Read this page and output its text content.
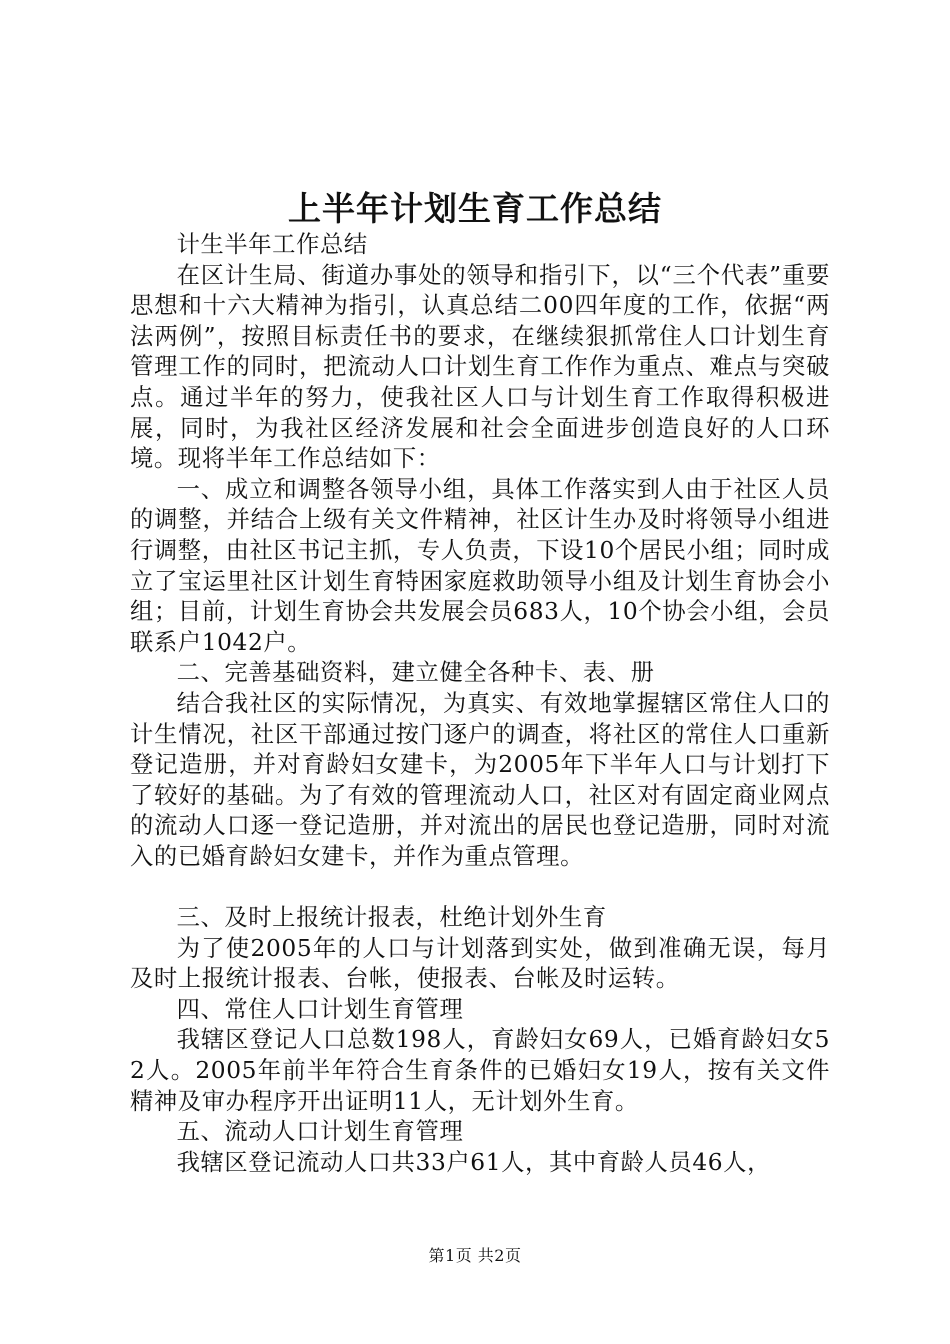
上半年计划生育工作总结

计生半年工作总结

在区计生局、街道办事处的领导和指引下，以“三个代表”重要思想和十六大精神为指引，认真总结二00四年度的工作，依据“两法两例”，按照目标责任书的要求，在继续狠抓常住人口计划生育管理工作的同时，把流动人口计划生育工作作为重点、难点与突破点。通过半年的努力，使我社区人口与计划生育工作取得积极进展，同时，为我社区经济发展和社会全面进步创造良好的人口环境。现将半年工作总结如下：

一、成立和调整各领导小组，具体工作落实到人由于社区人员的调整，并结合上级有关文件精神，社区计生办及时将领导小组进行调整，由社区书记主抓，专人负责，下设10个居民小组；同时成立了宝运里社区计划生育特困家庭救助领导小组及计划生育协会小组；目前，计划生育协会共发展会员683人，10个协会小组，会员联系户1042户。

二、完善基础资料，建立健全各种卡、表、册

结合我社区的实际情况，为真实、有效地掌握辖区常住人口的计生情况，社区干部通过按门逐户的调查，将社区的常住人口重新登记造册，并对育龄妇女建卡，为2005年下半年人口与计划打下了较好的基础。为了有效的管理流动人口，社区对有固定商业网点的流动人口逐一登记造册，并对流出的居民也登记造册，同时对流入的已婚育龄妇女建卡，并作为重点管理。

三、及时上报统计报表，杜绝计划外生育

为了使2005年的人口与计划落到实处，做到准确无误，每月及时上报统计报表、台帐，使报表、台帐及时运转。

四、常住人口计划生育管理

我辖区登记人口总数198人，育龄妇女69人，已婚育龄妇女52人。2005年前半年符合生育条件的已婚妇女19人，按有关文件精神及审办程序开出证明11人，无计划外生育。

五、流动人口计划生育管理

我辖区登记流动人口共33户61人，其中育龄人员46人，

第1页 共2页
